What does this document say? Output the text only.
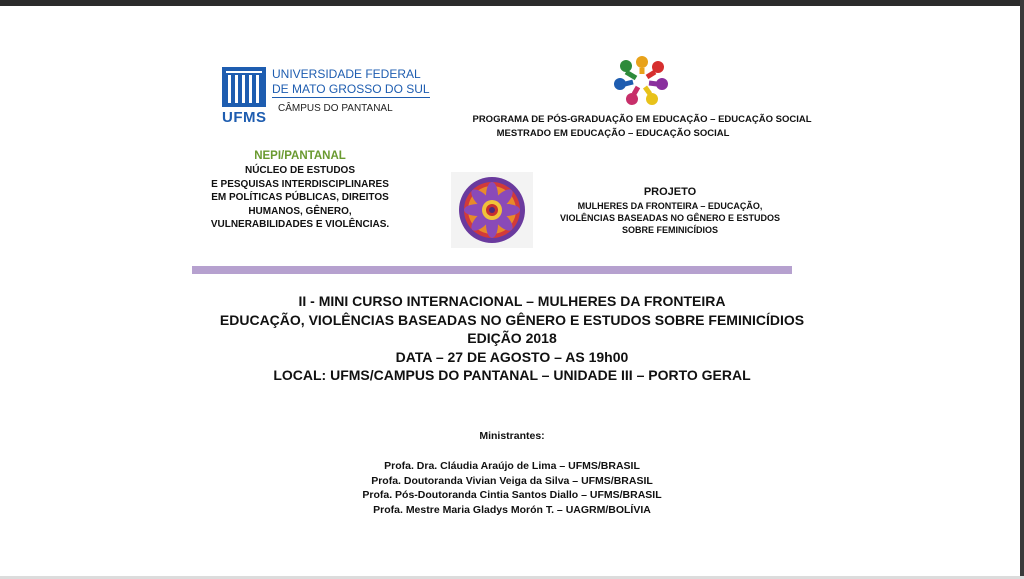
UFMS
UNIVERSIDADE FEDERAL
DE MATO GROSSO DO SUL
CÂMPUS DO PANTANAL
PROGRAMA DE PÓS-GRADUAÇÃO EM EDUCAÇÃO – EDUCAÇÃO SOCIAL
MESTRADO EM EDUCAÇÃO – EDUCAÇÃO SOCIAL
NEPI/PANTANAL
NÚCLEO DE ESTUDOS
E PESQUISAS INTERDISCIPLINARES
EM POLÍTICAS PÚBLICAS, DIREITOS
HUMANOS, GÊNERO,
VULNERABILIDADES E VIOLÊNCIAS.
PROJETO
MULHERES DA FRONTEIRA – EDUCAÇÃO,
VIOLÊNCIAS BASEADAS NO GÊNERO E ESTUDOS
SOBRE FEMINICÍDIOS
II - MINI CURSO INTERNACIONAL – MULHERES DA FRONTEIRA
EDUCAÇÃO, VIOLÊNCIAS BASEADAS NO GÊNERO E ESTUDOS SOBRE FEMINICÍDIOS
EDIÇÃO 2018
DATA – 27 DE AGOSTO – AS 19h00
LOCAL: UFMS/CAMPUS DO PANTANAL – UNIDADE III – PORTO GERAL
Ministrantes:
Profa. Dra. Cláudia Araújo de Lima – UFMS/BRASIL
Profa. Doutoranda Vivian Veiga da Silva – UFMS/BRASIL
Profa. Pós-Doutoranda Cintia Santos Diallo – UFMS/BRASIL
Profa. Mestre Maria Gladys Morón T. – UAGRM/BOLÍVIA
